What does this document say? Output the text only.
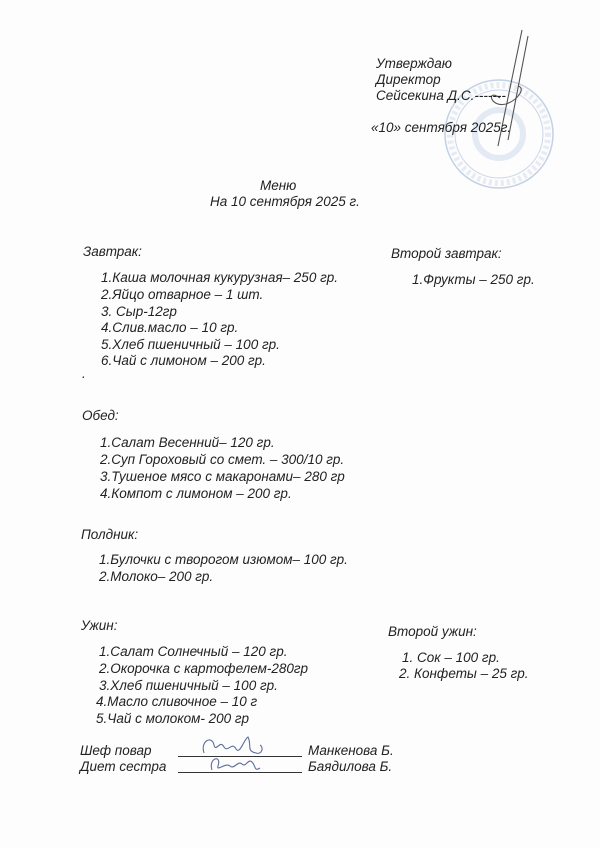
Утверждаю
Директор
Сейсекина Д.С.-------
«10» сентября 2025г.
Меню
На 10 сентября 2025 г.
Завтрак:
1.Каша молочная кукурузная– 250 гр.
2.Яйцо отварное – 1 шт.
3. Сыр-12гр
4.Слив.масло – 10 гр.
5.Хлеб пшеничный – 100 гр.
6.Чай с лимоном – 200 гр.
.
Второй завтрак:
1.Фрукты – 250 гр.
Обед:
1.Салат Весенний– 120 гр.
2.Суп Гороховый со смет. – 300/10 гр.
3.Тушеное мясо с макаронами– 280 гр
4.Компот с лимоном – 200 гр.
Полдник:
1.Булочки с творогом изюмом– 100 гр.
2.Молоко– 200 гр.
Ужин:
1.Салат Солнечный – 120 гр.
2.Окорочка с картофелем-280гр
3.Хлеб пшеничный – 100 гр.
4.Масло сливочное – 10 г
5.Чай с молоком- 200 гр
Второй ужин:
1. Сок – 100 гр.
2. Конфеты – 25 гр.
Шеф повар	Манкенова Б.
Диет сестра	Баядилова Б.
